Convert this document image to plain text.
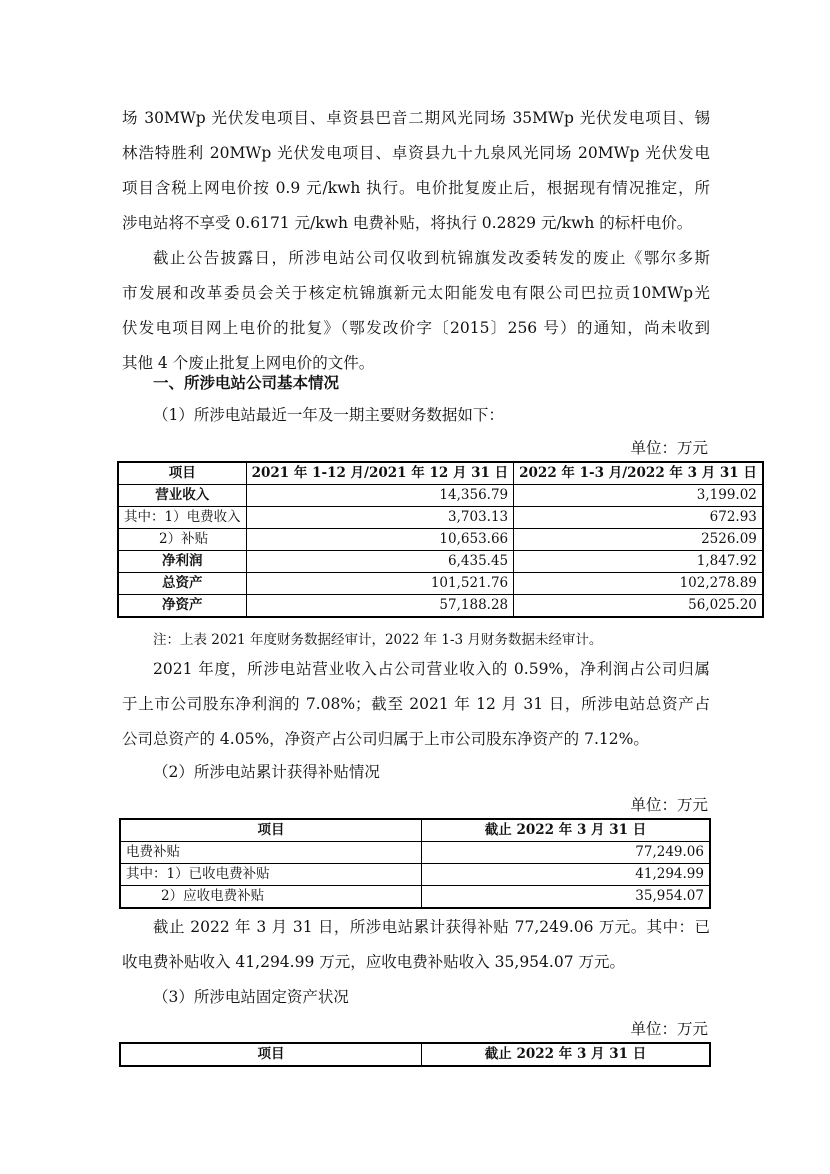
场 30MWp 光伏发电项目、卓资县巴音二期风光同场 35MWp 光伏发电项目、锡
林浩特胜利 20MWp 光伏发电项目、卓资县九十九泉风光同场 20MWp 光伏发电
项目含税上网电价按 0.9 元/kwh 执行。电价批复废止后，根据现有情况推定，所
涉电站将不享受 0.6171 元/kwh 电费补贴，将执行 0.2829 元/kwh 的标杆电价。
截止公告披露日，所涉电站公司仅收到杭锦旗发改委转发的废止《鄂尔多斯
市发展和改革委员会关于核定杭锦旗新元太阳能发电有限公司巴拉贡10MWp光
伏发电项目网上电价的批复》（鄂发改价字〔2015〕256 号）的通知，尚未收到
其他 4 个废止批复上网电价的文件。

一、所涉电站公司基本情况

（1）所涉电站最近一年及一期主要财务数据如下：

单位：万元

项目	2021 年 1-12 月/2021 年 12 月 31 日	2022 年 1-3 月/2022 年 3 月 31 日
营业收入	14,356.79	3,199.02
其中：1）电费收入	3,703.13	672.93
2）补贴	10,653.66	2526.09
净利润	6,435.45	1,847.92
总资产	101,521.76	102,278.89
净资产	57,188.28	56,025.20

注：上表 2021 年度财务数据经审计，2022 年 1-3 月财务数据未经审计。

2021 年度，所涉电站营业收入占公司营业收入的 0.59%，净利润占公司归属
于上市公司股东净利润的 7.08%；截至 2021 年 12 月 31 日，所涉电站总资产占
公司总资产的 4.05%，净资产占公司归属于上市公司股东净资产的 7.12%。

（2）所涉电站累计获得补贴情况

单位：万元

项目	截止 2022 年 3 月 31 日
电费补贴	77,249.06
其中：1）已收电费补贴	41,294.99
2）应收电费补贴	35,954.07
截止 2022 年 3 月 31 日，所涉电站累计获得补贴 77,249.06 万元。其中：已
收电费补贴收入 41,294.99 万元，应收电费补贴收入 35,954.07 万元。

（3）所涉电站固定资产状况

单位：万元

项目	截止 2022 年 3 月 31 日
